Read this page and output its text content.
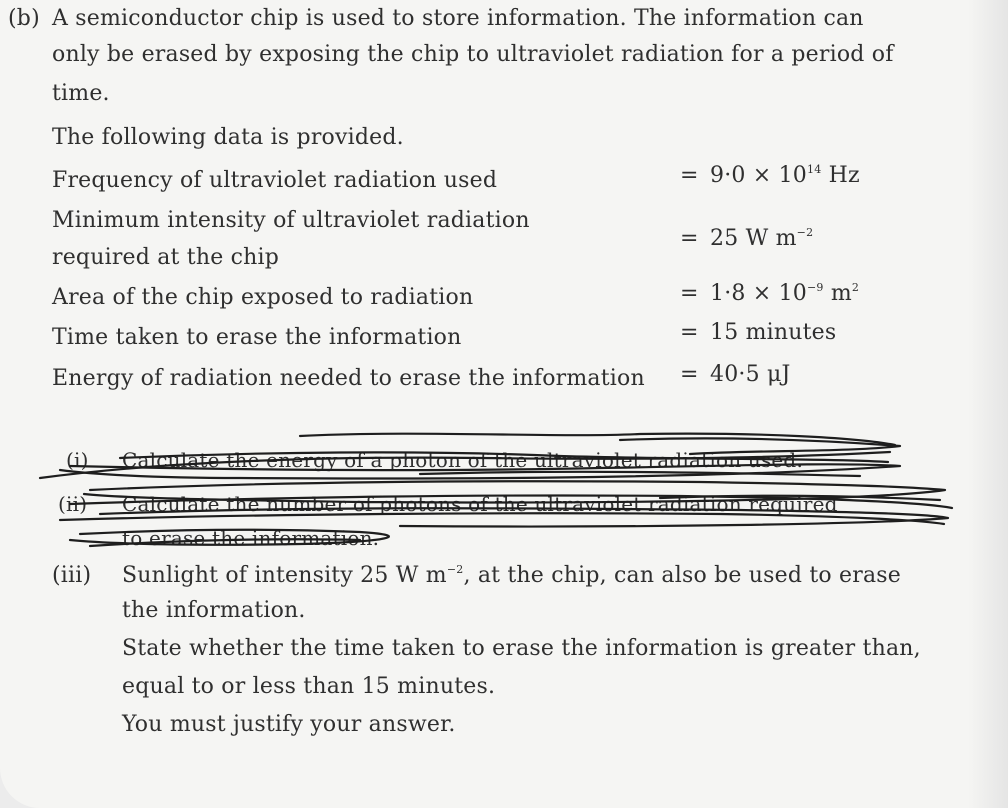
(b) A semiconductor chip is used to store information. The information can
only be erased by exposing the chip to ultraviolet radiation for a period of
time.
The following data is provided.
Frequency of ultraviolet radiation used	= $9\cdot 0 \times 10^{14}$ Hz
Minimum intensity of ultraviolet radiation
required at the chip
= 25 W $m^{-2}$
Area of the chip exposed to radiation	= $1\cdot 8 \times 10^{-9}$ $m^2$
Time taken to erase the information	= 15 minutes
Energy of radiation needed to erase the information = 40·5 μJ
(i) Calculate the energy of a photon of the ultraviolet radiation used.
(ii) Calculate the number of photons of the ultraviolet radiation required
to erase the information.
(iii) Sunlight of intensity 25 W $m^{-2}$, at the chip, can also be used to erase
the information.
State whether the time taken to erase the information is greater than,
equal to or less than 15 minutes.
You must justify your answer.
